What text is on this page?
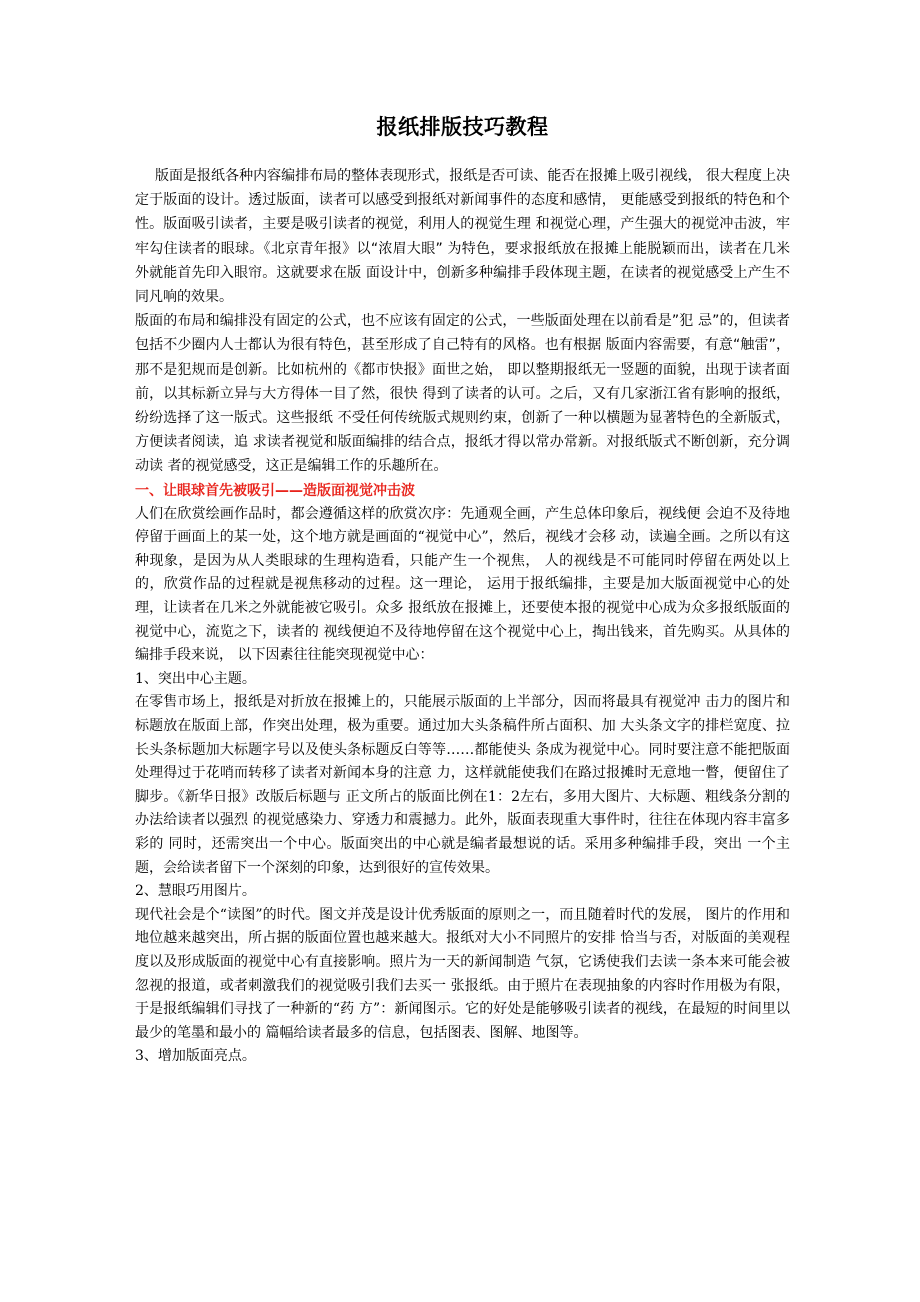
报纸排版技巧教程

版面是报纸各种内容编排布局的整体表现形式，报纸是否可读、能否在报摊上吸引视线， 很大程度上决定于版面的设计。透过版面，读者可以感受到报纸对新闻事件的态度和感情， 更能感受到报纸的特色和个性。版面吸引读者，主要是吸引读者的视觉，利用人的视觉生理 和视觉心理，产生强大的视觉冲击波，牢牢勾住读者的眼球。《北京青年报》以“浓眉大眼” 为特色，要求报纸放在报摊上能脱颖而出，读者在几米外就能首先印入眼帘。这就要求在版 面设计中，创新多种编排手段体现主题，在读者的视觉感受上产生不同凡响的效果。

版面的布局和编排没有固定的公式，也不应该有固定的公式，一些版面处理在以前看是”犯 忌”的，但读者包括不少圈内人士都认为很有特色，甚至形成了自己特有的风格。也有根据 版面内容需要，有意“触雷”，那不是犯规而是创新。比如杭州的《都市快报》面世之始， 即以整期报纸无一竖题的面貌，出现于读者面前，以其标新立异与大方得体一目了然，很快 得到了读者的认可。之后，又有几家浙江省有影响的报纸，纷纷选择了这一版式。这些报纸 不受任何传统版式规则约束，创新了一种以横题为显著特色的全新版式，方便读者阅读，追 求读者视觉和版面编排的结合点，报纸才得以常办常新。对报纸版式不断创新，充分调动读 者的视觉感受，这正是编辑工作的乐趣所在。

一、让眼球首先被吸引——造版面视觉冲击波

人们在欣赏绘画作品时，都会遵循这样的欣赏次序：先通观全画，产生总体印象后，视线便 会迫不及待地停留于画面上的某一处，这个地方就是画面的“视觉中心”，然后，视线才会移 动，读遍全画。之所以有这种现象，是因为从人类眼球的生理构造看，只能产生一个视焦， 人的视线是不可能同时停留在两处以上的，欣赏作品的过程就是视焦移动的过程。这一理论， 运用于报纸编排，主要是加大版面视觉中心的处理，让读者在几米之外就能被它吸引。众多 报纸放在报摊上，还要使本报的视觉中心成为众多报纸版面的视觉中心，流览之下，读者的 视线便迫不及待地停留在这个视觉中心上，掏出钱来，首先购买。从具体的编排手段来说， 以下因素往往能突现视觉中心：

1、突出中心主题。

在零售市场上，报纸是对折放在报摊上的，只能展示版面的上半部分，因而将最具有视觉冲 击力的图片和标题放在版面上部，作突出处理，极为重要。通过加大头条稿件所占面积、加 大头条文字的排栏宽度、拉长头条标题加大标题字号以及使头条标题反白等等……都能使头 条成为视觉中心。同时要注意不能把版面处理得过于花哨而转移了读者对新闻本身的注意 力，这样就能使我们在路过报摊时无意地一瞥，便留住了脚步。《新华日报》改版后标题与 正文所占的版面比例在1：2左右，多用大图片、大标题、粗线条分割的办法给读者以强烈 的视觉感染力、穿透力和震撼力。此外，版面表现重大事件时，往往在体现内容丰富多彩的 同时，还需突出一个中心。版面突出的中心就是编者最想说的话。采用多种编排手段，突出 一个主题，会给读者留下一个深刻的印象，达到很好的宣传效果。

2、慧眼巧用图片。

现代社会是个“读图”的时代。图文并茂是设计优秀版面的原则之一，而且随着时代的发展， 图片的作用和地位越来越突出，所占据的版面位置也越来越大。报纸对大小不同照片的安排 恰当与否，对版面的美观程度以及形成版面的视觉中心有直接影响。照片为一天的新闻制造 气氛，它诱使我们去读一条本来可能会被忽视的报道，或者刺激我们的视觉吸引我们去买一 张报纸。由于照片在表现抽象的内容时作用极为有限，于是报纸编辑们寻找了一种新的“药 方”：新闻图示。它的好处是能够吸引读者的视线，在最短的时间里以最少的笔墨和最小的 篇幅给读者最多的信息，包括图表、图解、地图等。

3、增加版面亮点。
